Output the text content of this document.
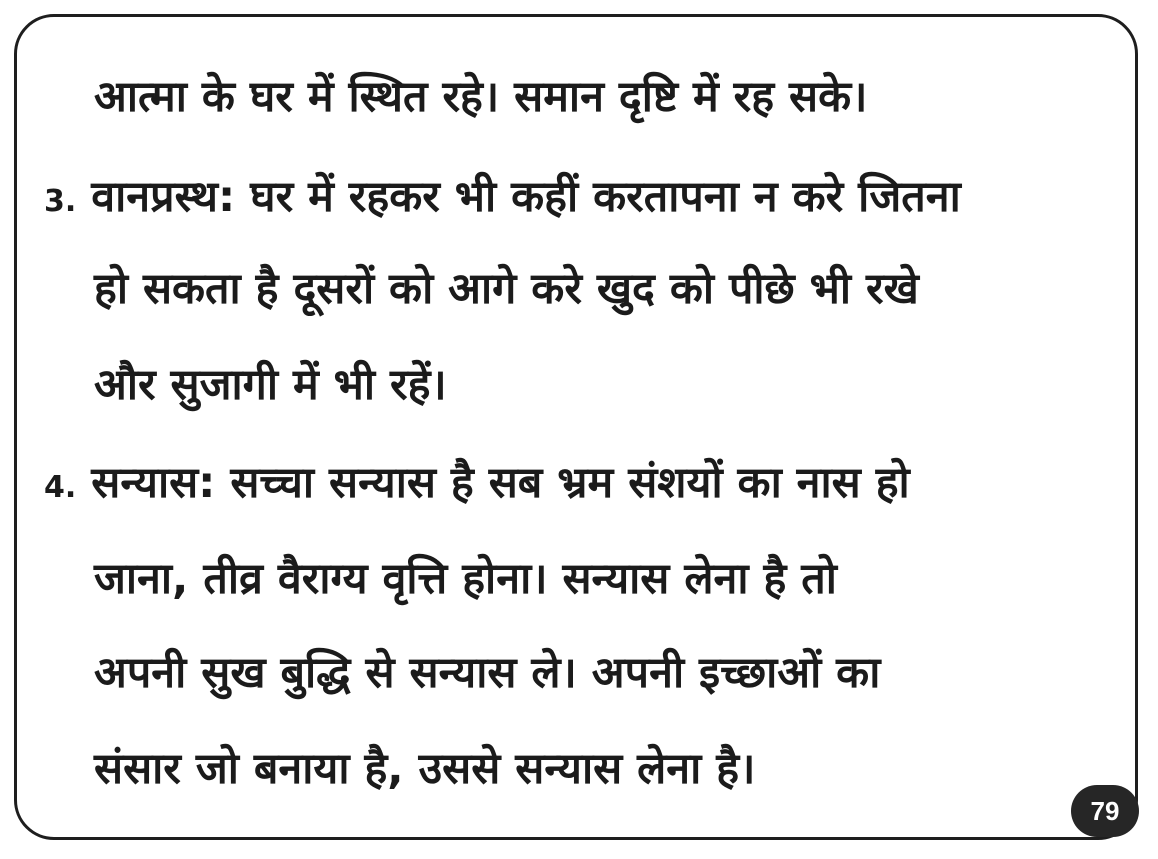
आत्मा के घर में स्थित रहे। समान दृष्टि में रह सके।
3. वानप्रस्थ: घर में रहकर भी कहीं करतापना न करे जितना
हो सकता है दूसरों को आगे करे खुद को पीछे भी रखे
और सुजागी में भी रहें।
4. सन्यास: सच्चा सन्यास है सब भ्रम संशयों का नास हो
जाना, तीव्र वैराग्य वृत्ति होना। सन्यास लेना है तो
अपनी सुख बुद्धि से सन्यास ले। अपनी इच्छाओं का
संसार जो बनाया है, उससे सन्यास लेना है।
79
